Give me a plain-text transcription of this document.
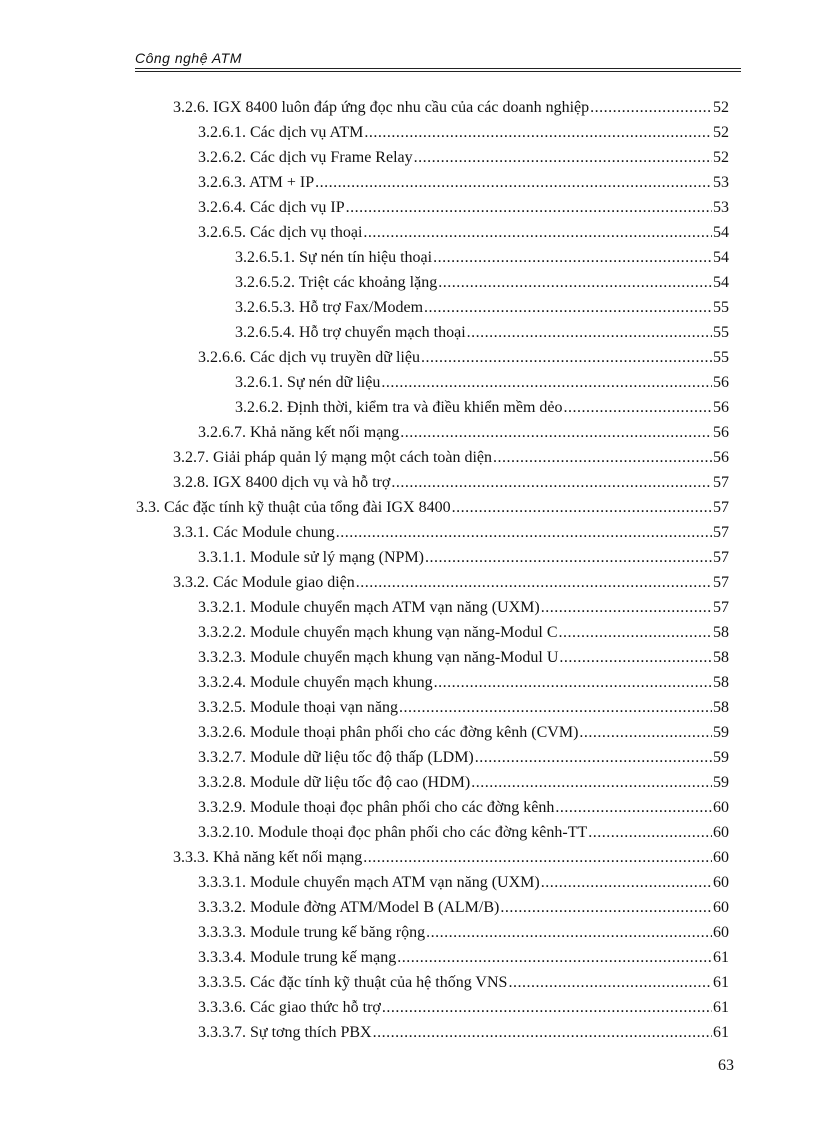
Công nghệ ATM
3.2.6. IGX 8400 luôn đáp ứng đọc nhu cầu của các doanh nghiệp .....	52
3.2.6.1. Các dịch vụ ATM .....	52
3.2.6.2. Các dịch vụ Frame Relay .....	52
3.2.6.3. ATM + IP .....	53
3.2.6.4. Các dịch vụ IP .....	53
3.2.6.5. Các dịch vụ thoại .....	54
3.2.6.5.1. Sự nén tín hiệu thoại .....	54
3.2.6.5.2. Triệt các khoảng lặng .....	54
3.2.6.5.3. Hỗ trợ Fax/Modem .....	55
3.2.6.5.4. Hỗ trợ chuyển mạch thoại .....	55
3.2.6.6. Các dịch vụ truyền dữ liệu .....	55
3.2.6.1. Sự nén dữ liệu .....	56
3.2.6.2. Định thời, kiểm tra và điều khiển mềm dẻo .....	56
3.2.6.7. Khả năng kết nối mạng .....	56
3.2.7. Giải pháp quản lý mạng một cách toàn diện .....	56
3.2.8. IGX 8400 dịch vụ và hỗ trợ .....	57
3.3. Các đặc tính kỹ thuật của tổng đài IGX 8400 .....	57
3.3.1. Các Module chung .....	57
3.3.1.1. Module sử lý mạng (NPM) .....	57
3.3.2. Các Module giao diện .....	57
3.3.2.1. Module chuyển mạch ATM vạn năng (UXM) .....	57
3.3.2.2. Module chuyển mạch khung vạn năng-Modul C .....	58
3.3.2.3. Module chuyển mạch khung vạn năng-Modul U .....	58
3.3.2.4. Module chuyển mạch khung .....	58
3.3.2.5. Module thoại vạn năng .....	58
3.3.2.6. Module thoại phân phối cho các đờng kênh (CVM) .....	59
3.3.2.7. Module dữ liệu tốc độ thấp (LDM) .....	59
3.3.2.8. Module dữ liệu tốc độ cao (HDM) .....	59
3.3.2.9. Module thoại đọc phân phối cho các đờng kênh .....	60
3.3.2.10. Module thoại đọc phân phối cho các đờng kênh-TT .....	60
3.3.3. Khả năng kết nối mạng .....	60
3.3.3.1. Module chuyển mạch ATM vạn năng (UXM) .....	60
3.3.3.2. Module đờng ATM/Model B (ALM/B) .....	60
3.3.3.3. Module trung kế băng rộng .....	60
3.3.3.4. Module trung kế mạng .....	61
3.3.3.5. Các đặc tính kỹ thuật của hệ thống VNS .....	61
3.3.3.6. Các giao thức hỗ trợ .....	61
3.3.3.7. Sự tơng thích PBX .....	61
63
